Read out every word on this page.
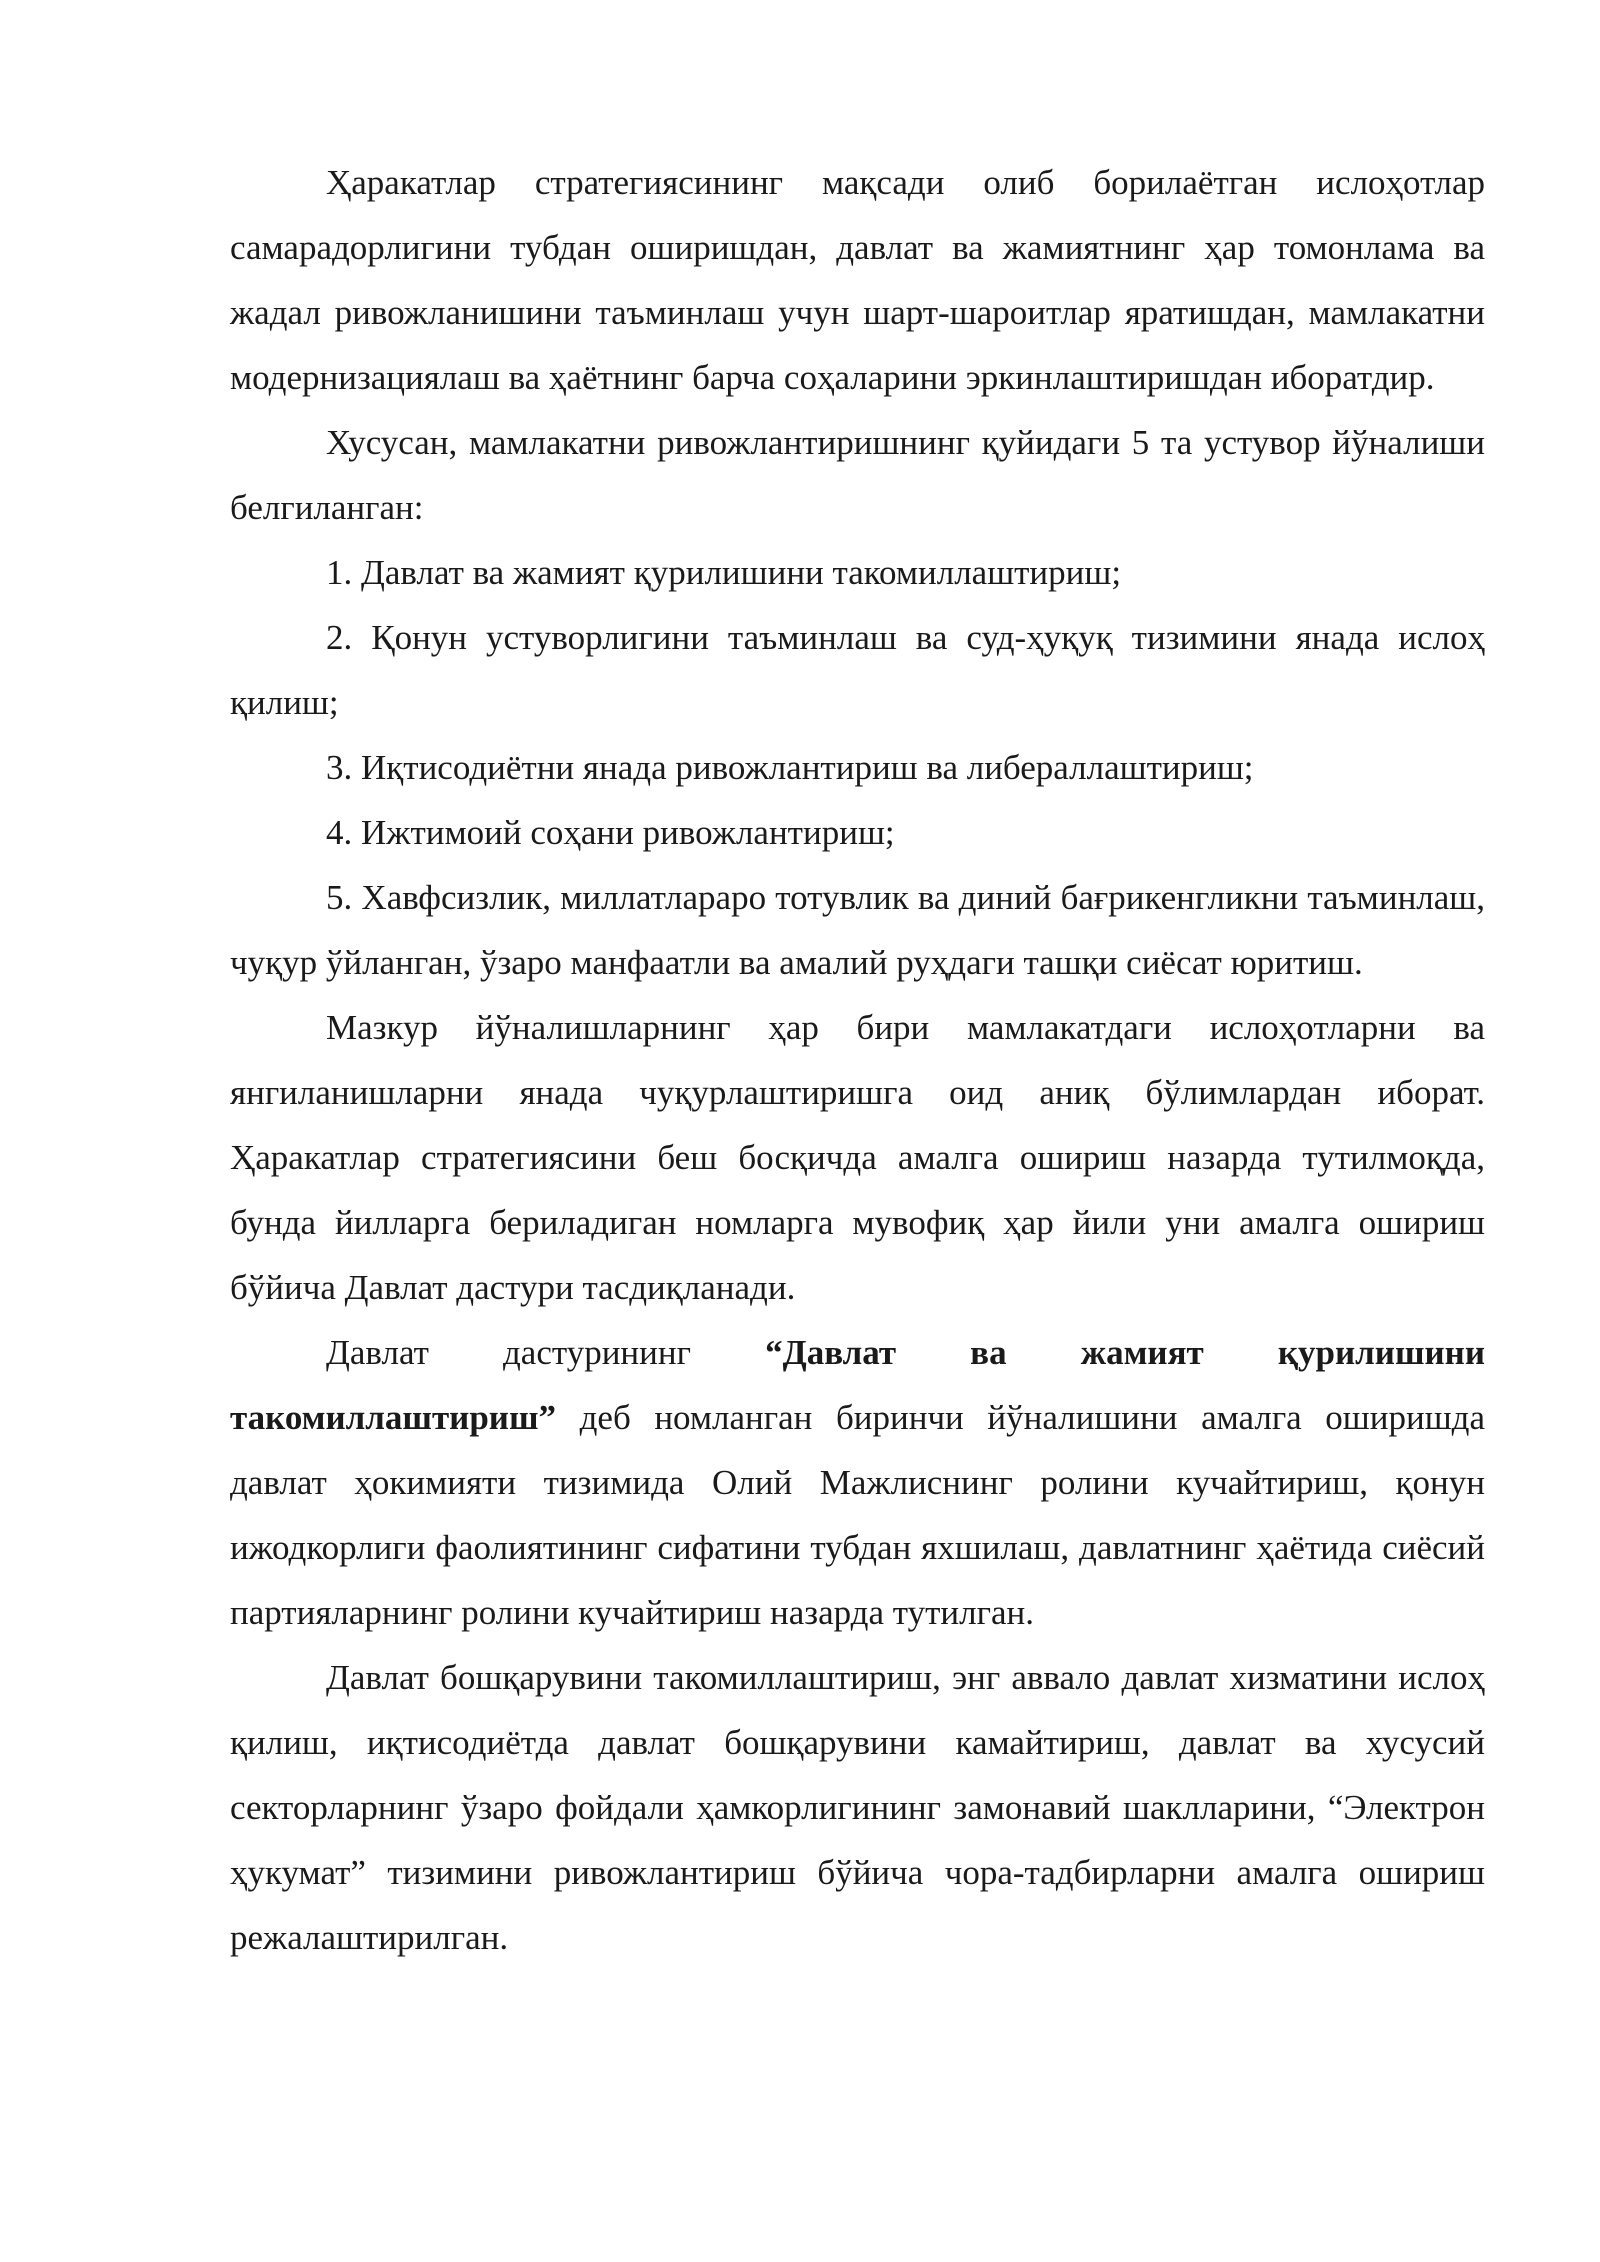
Ҳаракатлар стратегиясининг мақсади олиб борилаётган ислоҳотлар самарадорлигини тубдан оширишдан, давлат ва жамиятнинг ҳар томонлама ва жадал ривожланишини таъминлаш учун шарт-шароитлар яратишдан, мамлакатни модернизациялаш ва ҳаётнинг барча соҳаларини эркинлаштиришдан иборатдир.

Хусусан, мамлакатни ривожлантиришнинг қуйидаги 5 та устувор йўналиши белгиланган:

1. Давлат ва жамият қурилишини такомиллаштириш;

2. Қонун устуворлигини таъминлаш ва суд-ҳуқуқ тизимини янада ислоҳ қилиш;

3. Иқтисодиётни янада ривожлантириш ва либераллаштириш;

4. Ижтимоий соҳани ривожлантириш;

5. Хавфсизлик, миллатлараро тотувлик ва диний бағрикенгликни таъминлаш, чуқур ўйланган, ўзаро манфаатли ва амалий руҳдаги ташқи сиёсат юритиш.

Мазкур йўналишларнинг ҳар бири мамлакатдаги ислоҳотларни ва янгиланишларни янада чуқурлаштиришга оид аниқ бўлимлардан иборат. Ҳаракатлар стратегиясини беш босқичда амалга ошириш назарда тутилмоқда, бунда йилларга бериладиган номларга мувофиқ ҳар йили уни амалга ошириш бўйича Давлат дастури тасдиқланади.

Давлат дастурининг “Давлат ва жамият қурилишини такомиллаштириш” деб номланган биринчи йўналишини амалга оширишда давлат ҳокимияти тизимида Олий Мажлиснинг ролини кучайтириш, қонун ижодкорлиги фаолиятининг сифатини тубдан яхшилаш, давлатнинг ҳаётида сиёсий партияларнинг ролини кучайтириш назарда тутилган.

Давлат бошқарувини такомиллаштириш, энг аввало давлат хизматини ислоҳ қилиш, иқтисодиётда давлат бошқарувини камайтириш, давлат ва хусусий секторларнинг ўзаро фойдали ҳамкорлигининг замонавий шаклларини, “Электрон ҳукумат” тизимини ривожлантириш бўйича чора-тадбирларни амалга ошириш режалаштирилган.
